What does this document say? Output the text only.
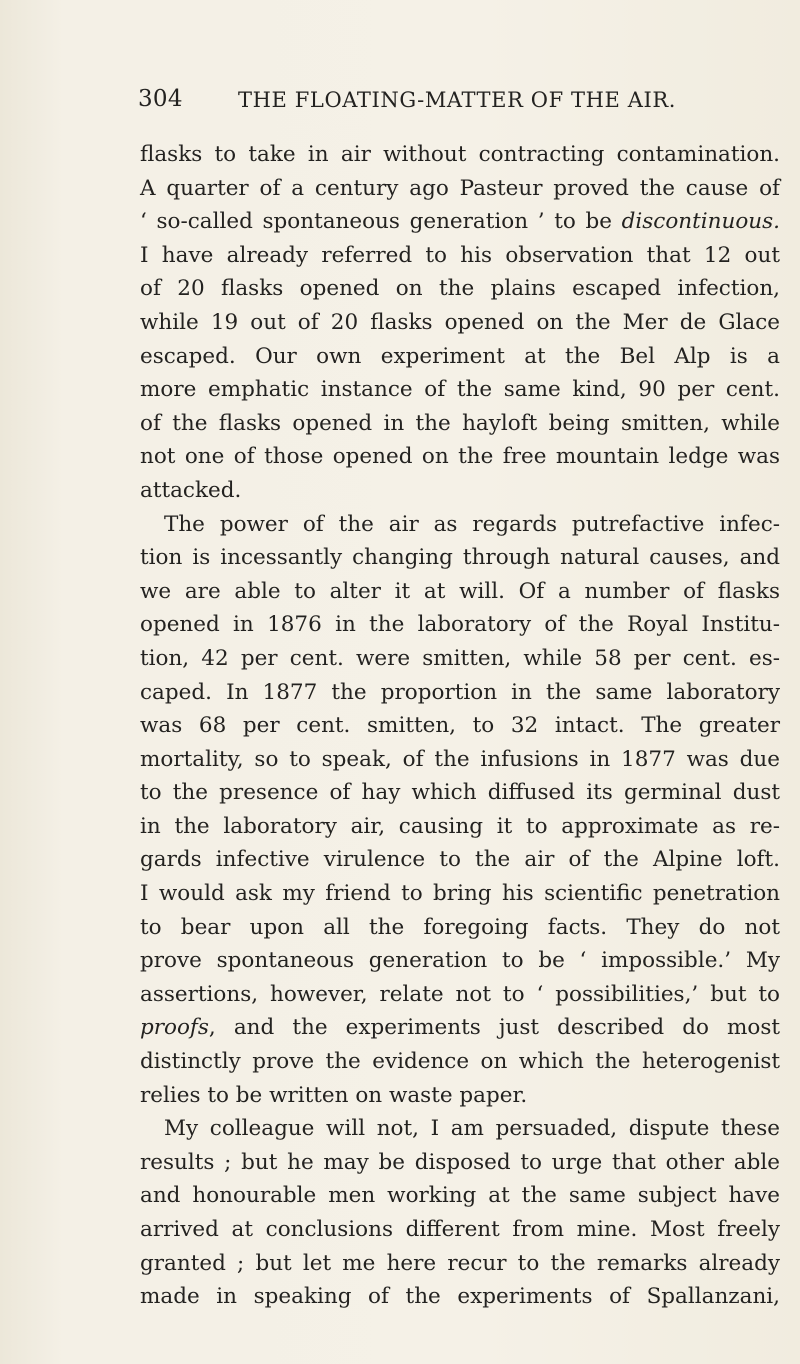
304	THE FLOATING-MATTER OF THE AIR.
flasks to take in air without contracting contamination.
A quarter of a century ago Pasteur proved the cause of
‘ so-called spontaneous generation ’ to be discontinuous.
I have already referred to his observation that 12 out
of 20 flasks opened on the plains escaped infection,
while 19 out of 20 flasks opened on the Mer de Glace
escaped. Our own experiment at the Bel Alp is a
more emphatic instance of the same kind, 90 per cent.
of the flasks opened in the hayloft being smitten, while
not one of those opened on the free mountain ledge was
attacked.
The power of the air as regards putrefactive infec-
tion is incessantly changing through natural causes, and
we are able to alter it at will. Of a number of flasks
opened in 1876 in the laboratory of the Royal Institu-
tion, 42 per cent. were smitten, while 58 per cent. es-
caped. In 1877 the proportion in the same laboratory
was 68 per cent. smitten, to 32 intact. The greater
mortality, so to speak, of the infusions in 1877 was due
to the presence of hay which diffused its germinal dust
in the laboratory air, causing it to approximate as re-
gards infective virulence to the air of the Alpine loft.
I would ask my friend to bring his scientific penetration
to bear upon all the foregoing facts. They do not
prove spontaneous generation to be ‘ impossible.’ My
assertions, however, relate not to ‘ possibilities,’ but to
proofs, and the experiments just described do most
distinctly prove the evidence on which the heterogenist
relies to be written on waste paper.
My colleague will not, I am persuaded, dispute these
results ; but he may be disposed to urge that other able
and honourable men working at the same subject have
arrived at conclusions different from mine. Most freely
granted ; but let me here recur to the remarks already
made in speaking of the experiments of Spallanzani,
